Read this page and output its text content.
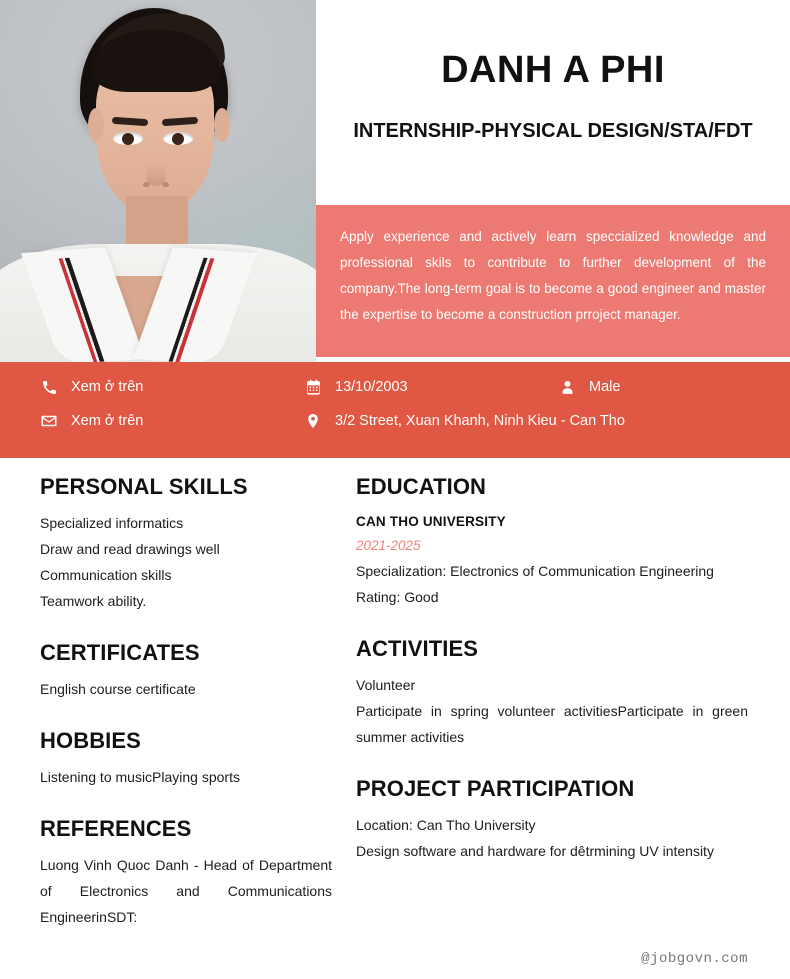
DANH A PHI
INTERNSHIP-PHYSICAL DESIGN/STA/FDT
Apply experience and actively learn speccialized knowledge and professional skils to contribute to further development of the company.The long-term goal is to become a good engineer and master the expertise to become a construction prroject manager.
Xem ở trên
Xem ở trên
13/10/2003	Male
3/2 Street, Xuan Khanh, Ninh Kieu - Can Tho
PERSONAL SKILLS
Specialized informatics
Draw and read drawings well
Communication skills
Teamwork ability.
CERTIFICATES
English course certificate
HOBBIES
Listening to musicPlaying sports
REFERENCES
Luong Vinh Quoc Danh - Head of Department of Electronics and Communications EngineerinSDT:
EDUCATION
CAN THO UNIVERSITY
2021-2025
Specialization: Electronics of Communication Engineering
Rating: Good
ACTIVITIES
Volunteer
Participate in spring volunteer activitiesParticipate in green summer activities
PROJECT PARTICIPATION
Location: Can Tho University
Design software and hardware for dêtrmining UV intensity
@jobgovn.com
